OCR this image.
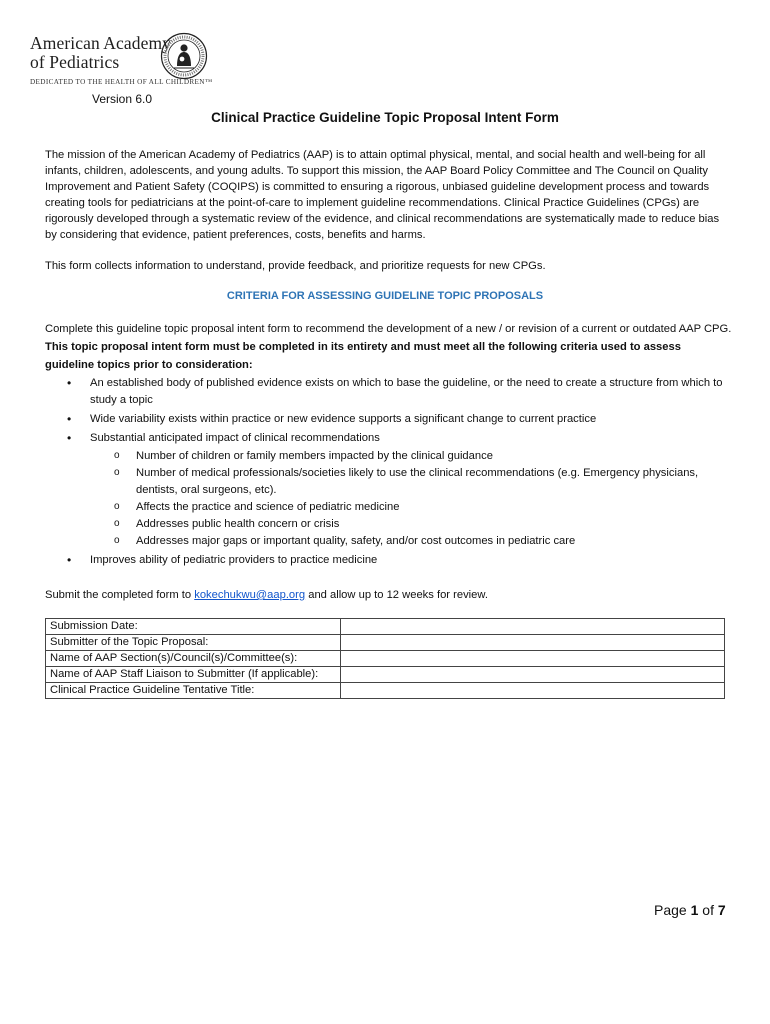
American Academy
of Pediatrics
DEDICATED TO THE HEALTH OF ALL CHILDREN™
Version 6.0
Clinical Practice Guideline Topic Proposal Intent Form
The mission of the American Academy of Pediatrics (AAP) is to attain optimal physical, mental, and social health and well-being for all infants, children, adolescents, and young adults. To support this mission, the AAP Board Policy Committee and The Council on Quality Improvement and Patient Safety (COQIPS) is committed to ensuring a rigorous, unbiased guideline development process and towards creating tools for pediatricians at the point-of-care to implement guideline recommendations. Clinical Practice Guidelines (CPGs) are rigorously developed through a systematic review of the evidence, and clinical recommendations are systematically made to reduce bias by considering that evidence, patient preferences, costs, benefits and harms.
This form collects information to understand, provide feedback, and prioritize requests for new CPGs.
CRITERIA FOR ASSESSING GUIDELINE TOPIC PROPOSALS
Complete this guideline topic proposal intent form to recommend the development of a new / or revision of a current or outdated AAP CPG. This topic proposal intent form must be completed in its entirety and must meet all the following criteria used to assess guideline topics prior to consideration:
• An established body of published evidence exists on which to base the guideline, or the need to create a structure from which to study a topic
• Wide variability exists within practice or new evidence supports a significant change to current practice
• Substantial anticipated impact of clinical recommendations
o Number of children or family members impacted by the clinical guidance
o Number of medical professionals/societies likely to use the clinical recommendations (e.g. Emergency physicians, dentists, oral surgeons, etc).
o Affects the practice and science of pediatric medicine
o Addresses public health concern or crisis
o Addresses major gaps or important quality, safety, and/or cost outcomes in pediatric care
• Improves ability of pediatric providers to practice medicine
Submit the completed form to kokechukwu@aap.org and allow up to 12 weeks for review.
Submission Date:	
Submitter of the Topic Proposal:	
Name of AAP Section(s)/Council(s)/Committee(s):	
Name of AAP Staff Liaison to Submitter (If applicable):	
Clinical Practice Guideline Tentative Title:	
Page 1 of 7
